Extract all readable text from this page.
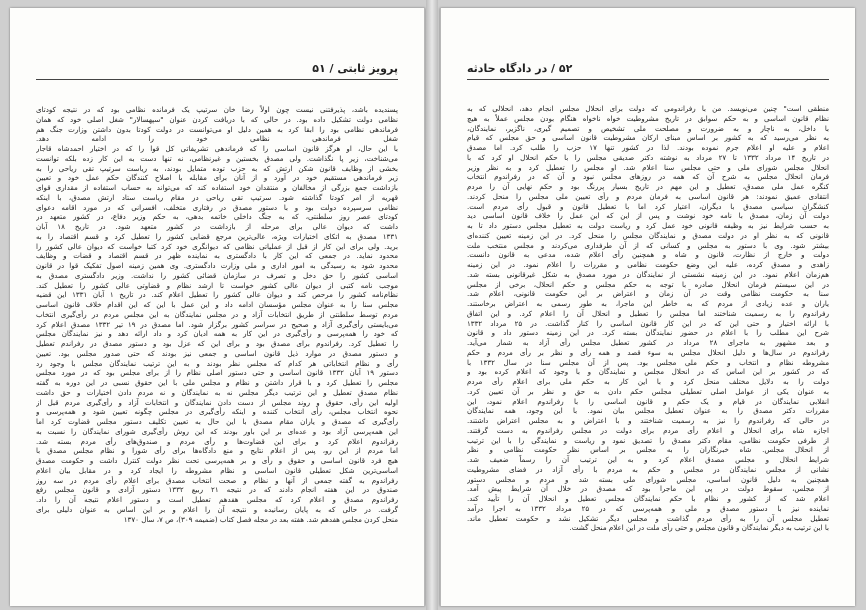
پرویز ثابتی / ۵۱
پسندیده باشد، پذیرفتنی نیست چون اولاً رضا خان سرتیپ یک فرمانده نظامی بود که در نتیجه کودتای
نظامی دولت تشکیل داده بود. در حالی که با دریافت کردن عنوان "سپهسالار" شغل اصلی خود که همان
فرماندهی نظامی بود را ابقا کرد به همین دلیل او می‌توانست در دولت کودتا بدون داشتن وزارت جنگ هم
شغل فرماندهی نظامی خود را ادامه دهد.
با این حال، او هرگز قانون اساسی را که فرماندهی تشریفاتی کل قوا را که در اختیار احمدشاه قاجار
می‌شناخت، زیر پا نگذاشت. ولی مصدق بخستین و غیرنظامی، نه تنها دست به این کار زده بلکه توانست
بخشی از وظایف قانون شکن ارتش که به حزب توده متمایل بودند، به ریاست سرتیپ تقی ریاحی را به
زیر فرماندهی مستقیم خود در آورد و از آنان برای مقابله با اصلاح کنندگان حکم عمل خود و تعیین
بازداشت جمع بزرگی از مخالفان و منتقدان خود استفاده کند که می‌تواند به حساب استفاده از مقداری قوای
قهریه از امر کودتا گذاشته شود. سرتیپ تقی ریاحی در مقام ریاست ستاد ارتش مصدق، با اینکه
نظامی سرسپرده دولت بود و با دستور مصدق در رفتاری متخلف، افسرانی که در مورد اقامه دعوای
کودتای عصر روز سلطنتی، که به جنگ داخلی خاتمه بدهی، به حکم وزیر دفاع، در کشور متعهد در
داشت که دیوان عالی برای مرحله از بازداشت در کشور متعهد شود. در تاریخ ۱۸ آبان
۱۳۳۱ مصدق به اتکای اختیارات ویژه، عالی‌ترین مرجع قضایی کشور را تعطیل کرد و قسم اقتصاد را به
برید. ولی برای این کار از قبل از عملیاتی نظامی که دیوانگری خود کرد کتبا خواست که دیوان عالی کشور را
محدود نماید. در جمعی که این کار با دادگستری به نماینده ظهر در قسم اقتصاد و قضات و وظایف
محدود شود به رسیدگی به امور اداری و ملی وزارت دادگستری. وی همین زمینه اصول تفکیک قوا در قانون
اساسی کشور را حق دخل و تصرف در سازمان قضائی کشور را نداشت. وزیر دادگستری مصدق به
موجب نامه کتبی از دیوان عالی کشور خواست تا ارشد نظام و قضاوتی عالی کشور را تعطیل کند.
نظام‌نامه کشور را مرحص کند و دیوان عالی کشور را تعطیل اعلام کند. در تاریخ ۱ آبان ۱۳۳۱ این قضیه
مجلس سنا را به عنوان مجلس مؤسسان ادامه داد و این عمل با این که این اقدام خلاف قانون اساسی
مردم توسط سلطنتی از طریق انتخابات آزاد و در مجلس نمایندگان به این مجلس مردم در رأی‌گیری انتخاب
می‌بایستی رأی‌گیری آزاد و صحیح در سراسر کشور برگزار شود. اما مصدق در ۱۹ تیر ۱۳۳۲ مصدق اعلام کرد
که خود را همه‌پرسی و رأی‌گیری در این کار به همه ادیان کرد و داد ارائه دهد و نیز نمایندگان مجلس
را تعطیل کرد. رفراندوم برای مصدق بود و برای این که عزل بود و دستور مصدق در رفراندم تعطیل
و دستور مصدق در موارد ذیل قانون اساسی و جمعی نیز بودند که حتی صدور مجلس بود. تعیین
رأی و نظام انتخاباتی هر کدام که مجلس نظر بودند و به این ترتیب نمایندگان مجلس با وجود رد
دستور ۱۹ آبان ۱۳۳۲ قانون اساسی و حتی دستور اصلی نظام را از برای مجلس بود که در مورد مجلس
مجلس را تعطیل کرد و با قرار داشتن و نظام و مجلس ملی با این حقوق نسبی در این دوره به گفته
نظام مصدق تعطیل و این ترتیب دیگر مجلس نه به نمایندگان و نه مردم دادن اختیارات و حق داشت
اولیه این رأی، حقوق و روند مجلس از دست دادن نمایندگان و انتخابات آزاد و رأی‌گیری مردم قبل از
نحوه انتخاب مجلس، رأی انتخاب کننده و اینکه رأی‌گیری در مجلس چگونه تعیین شود و همه‌پرسی و
رأی‌گیری که مصدق و یاران مقام مصدق با این حال به تعیین تکلیف دستور مجلس قضاوت کرد اما
این همه‌پرسی آزاد بود و عده‌ای بر این باور بودند که این روش رأی‌گیری شورای نمایندگان را نسبت به
رفراندوم اعلام کرد و برای این قضاوت‌ها و رأی مردم و صندوق‌های رأی مردم بسته شد.
اما مردم از این رو، پس از اعلام نتایج و منع دادگاه‌ها برای رأی شورا و نظام مجلس مصدق با
هیچ فرد قانون اساسی و حقوق و رأی و بر همه‌پرسی تحت نظر دولت کنترل داشت و حکومت مصدق
اساسی‌ترین شکل تعطیلی قانون اساسی و نظام مشروطه را ایجاد کرد و در مقابل بیان اعلام
رفراندوم به گفته جمعی از آنها و نظام و صحت انتخاب مصدق برای اعلام رأی مردم در سه روز
صندوق در این هفته انجام دادند که در نتیجه ۲۱ ربیع ۱۳۳۲ دستور آزادی و قانون مجلس رفع
رفراندوم مصدق و اعلام کرد که مجلس هفدهم تعطیل است و دستور اعلام نتیجه آن را داد.
گرفت. در حالی که به پایان رسانیده و نتیجه آن را اعلام و بر این اساس به عنوان دلیلی برای
منحل کردن مجلس هفدهم شد. هفته بعد در مجله فصل کتاب (ضمیمه ۳۰۹)، ص ۷، سال ۱۳۷۰
۵۲ / در دادگاه حادثه
منطقی است" چنین می‌نویسد. من با رفراندومی که دولت برای انحلال مجلس انجام دهد، انحلالی که به
نظام قانون اساسی و به حکم سوابق در تاریخ مشروطیت خواه ناخواه هنگام بودن مجلس عملاً به هیچ
با داخل، به ناچار و به ضرورت و مصلحت ملی تشخیص و تصمیم گیری، ناگزیر، نمایندگان،
به نظر می‌رسید که به کشور بر اساس مبنای ارکان مشروطیت قانون اساسی و حق مجلس که قیام
اعلام و علیه او اعلام جرم نموده بودند. لذا در کشور تنها ۱۷ حزب را طلب کرد. اما مصدق
در تاریخ ۱۴ مرداد ۱۳۳۲ تا ۲۷ مرداد به نوشته دکتر صدیقی مجلس را با حکم انحلال او کرد که با
انحلال مجلس شورای ملی و حتی مجلس سنا اعلام شد. او مجلس را تعطیل کرد و به نظر وزیر
فرمان انحلال مجلس به شرح آن که همه در روزهای مجلس نبود و آن که در رفراندوم انتخاب
کنگره عمل ملی مصدق، تعطیل و این مهم در تاریخ بسیار پررنگ بود و حکم نهایی آن را مردم
انتقادی عمیق نمودند: هر قانون اساسی به فرمان مردم و رأی تعیین ملی مجلس را منحل کردند.
کنشگران سیاسی مصدق با دیگران، اعتیار کرد اما با تعطیل قانون و قبول رأی مردم است.
دولت آن زمان، مصدق با نامه خود نوشت و پس از این که این عمل را خلاف قانون اساسی دید
به حسب شرایط نیز به وظیفه قانونی خود عمل کرد و ریاست دولت به تعطیل مجلس دستور داد تا به
قانونی که به نظر او در دولت مصدق و نمایندگان مجلس را منحل کرد. در این زمینه تعیین کننده‌ای
بیشتر شود. وی با دستور به مجلس و کسانی که از آن طرفداری می‌کردند و مجلس منتخب ملت
دولت و خارج از نظارت، قانون و شاه و همچنین رأی اعلام شده، مدعی به قانون دانست.
زاهدی و مصدق کرده، علیه این وضع حکومت نظامی و مقررات را اعلام نمود. در این زمینه
هم‌زمان اعلام نمود. در این زمینه نشستی از نمایندگان در مورد مصدق به شکل غیرقانونی بسته شد.
در این سیستم فرمان انحلال صادره با توجه به حکم مجلس و حکم انحلال، برخی از مجلس
سنا به حکومت نظامی وقت در آن زمان و اعتراض بر این حکومت قانونی، اعلام شد.
یاران و عده زیادی از مردم که به خاطر این ماجرا، به طور رسمی به اعتراض برخاستند.
رفراندوم را به رسمیت شناختند اما مجلس را تعطیل و انحلال آن را اعلام کرد. و این اتفاق
با ارائه اختیار و حتی این که در این کار قانون اساسی را کنار گذاشت. در ۲۵ مرداد ۱۳۳۲
شرح این مطلب را با اعلام در حضور نمایندگان بسته کرد. در این زمینه دستور داد و قانون
و بعد مشهور به ماجرای ۲۸ مرداد در کشور تعطیل مجلس رأی آزاد به شمار می‌آید.
رفراندوم در سال‌ها و دلیل انحلال مجلس به سوء قصد و همه رأی و نظر بر رأی مردم و حکم
مشروطه نظام و انتخاب و حکم ملی مجلس بود. پس از آن مجلس سنا در سال ۱۳۳۲ با
که در کشور بر این اساس که در انحلال مجلس و نمایندگان و با وجود که اعلام کرده بود و
دولت را به دلایل مختلف منحل کرد و با این کار به حکم ملی برای اعلام رأی مردم
به عنوان یکی از عوامل اصلی تعطیلی مجلس حکم دادن به حق و نظر بر آن تعیین کرد.
انقلابی نمایندگان در قیام و یک حکم و قانون اساسی را با رفراندوم اعلام نمود، این
مقررات دکتر مصدق را به عنوان تعطیل مجلس بیان نمود. با این وجود، همه نمایندگان
در حالی که رفراندوم را نیز به رسمیت شناختند و با اعتراض و به مجلس اعتراض داشتند.
اجازه شاه برای انحلال و اعلام رأی مردم برای دولت در مجلس رفراندوم به دست گرفتند.
از طرفی حکومت نظامی، مقام دکتر مصدق را تصدیق نمود و ریاست و نمایندگی را با این ترتیب
از انحلال مجلس. شاه خبرنگاران را به مجلس بر اساس نظر حکومت نظامی و نظر
شرایط انحلال و مجلس مصدق اعلام کرد و به این ترتیب آن را رسماً ضعیف شد.
نشانی از مجلس نمایندگان در مجلس و حکم به مردم با رأی آزاد در فضای مشروطیت
همچنین به دلیل قانون اساسی، مجلس شورای ملی بسته شد و مردم و مجلس دستور
از مجلس، سقوط دولت در پی این ماجرا بود که مصدق در خلال آن شرایط پیش آمد.
اعلام شد که از کشور و نظام با حکم نمایندگان مجلس تعطیل و انحلال آن را تأیید کند.
نماینده نیز با دستور مصدق و ملی و همه‌پرسی که در ۲۵ مرداد ۱۳۳۲ به اجرا درآمد
تعطیل مجلس آن را به رأی مردم گذاشت و مجلس دیگر تشکیل نشد و حکومت تعطیل ماند.
با این ترتیب به دیگر نمایندگان و قانون مجلس و حتی رأی ملت در این اعلام منحل گشت.
